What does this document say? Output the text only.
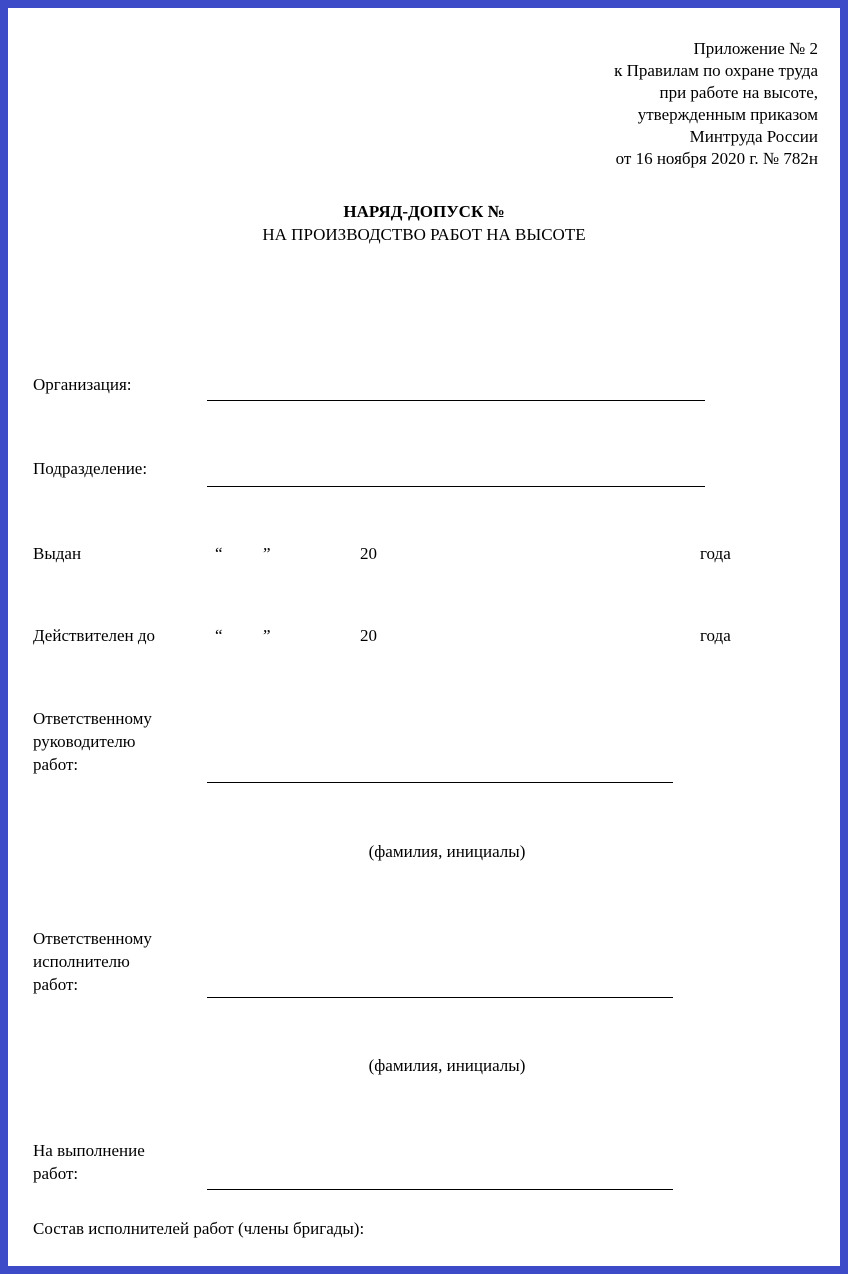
Приложение № 2
к Правилам по охране труда
при работе на высоте,
утвержденным приказом
Минтруда России
от 16 ноября 2020 г. № 782н
НАРЯД-ДОПУСК №
НА ПРОИЗВОДСТВО РАБОТ НА ВЫСОТЕ
Организация:
Подразделение:
Выдан	“ ”	20	года
Действителен до	“ ”	20	года
Ответственному руководителю работ:
(фамилия, инициалы)
Ответственному исполнителю работ:
(фамилия, инициалы)
На выполнение работ:
Состав исполнителей работ (члены бригады):
